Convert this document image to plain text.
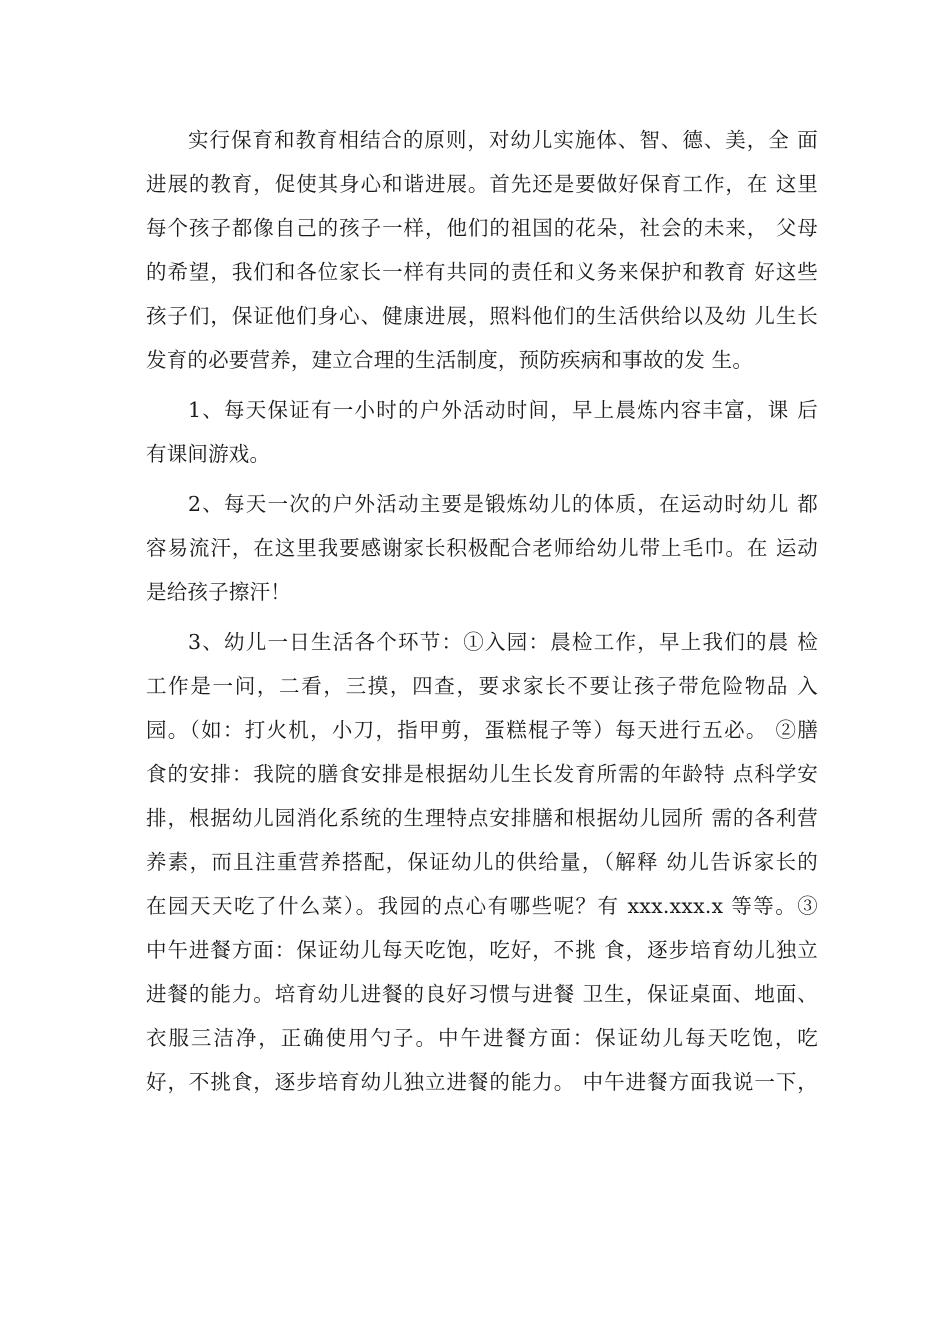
实行保育和教育相结合的原则，对幼儿实施体、智、德、美，全 面
进展的教育，促使其身心和谐进展。首先还是要做好保育工作，在 这里
每个孩子都像自己的孩子一样，他们的祖国的花朵，社会的未来， 父母
的希望，我们和各位家长一样有共同的责任和义务来保护和教育 好这些
孩子们，保证他们身心、健康进展，照料他们的生活供给以及幼 儿生长
发育的必要营养，建立合理的生活制度，预防疾病和事故的发 生。
1、每天保证有一小时的户外活动时间，早上晨炼内容丰富，课 后
有课间游戏。
2、每天一次的户外活动主要是锻炼幼儿的体质，在运动时幼儿 都
容易流汗，在这里我要感谢家长积极配合老师给幼儿带上毛巾。在 运动
是给孩子擦汗！
3、幼儿一日生活各个环节：①入园：晨检工作，早上我们的晨 检
工作是一问，二看，三摸，四查，要求家长不要让孩子带危险物品 入
园。（如：打火机，小刀，指甲剪，蛋糕棍子等）每天进行五必。 ②膳
食的安排：我院的膳食安排是根据幼儿生长发育所需的年龄特 点科学安
排，根据幼儿园消化系统的生理特点安排膳和根据幼儿园所 需的各利营
养素，而且注重营养搭配，保证幼儿的供给量，（解释 幼儿告诉家长的
在园天天吃了什么菜）。我园的点心有哪些呢？有 xxx.xxx.x 等等。③
中午进餐方面：保证幼儿每天吃饱，吃好，不挑 食，逐步培育幼儿独立
进餐的能力。培育幼儿进餐的良好习惯与进餐 卫生，保证桌面、地面、
衣服三洁净，正确使用勺子。中午进餐方面：保证幼儿每天吃饱，吃
好，不挑食，逐步培育幼儿独立进餐的能力。 中午进餐方面我说一下，
